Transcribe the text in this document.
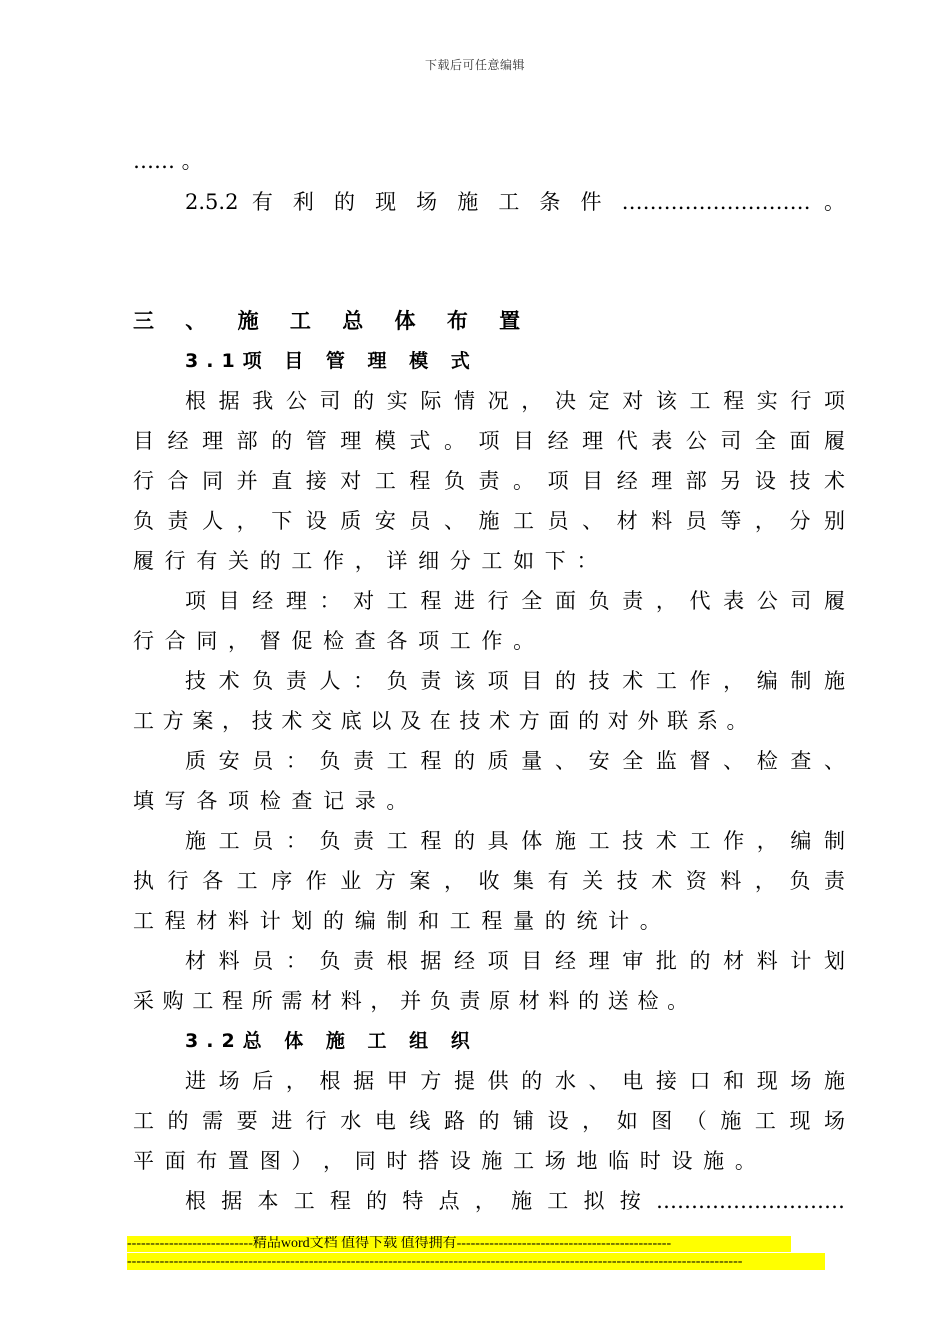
下载后可任意编辑
…… 。
2.5.2 有 利 的 现 场 施 工 条 件 ……………………… 。
三 、 施 工 总 体 布 置
3.1项 目 管 理 模 式
根 据 我 公 司 的 实 际 情 况 ， 决 定 对 该 工 程 实 行 项
目 经 理 部 的 管 理 模 式 。 项 目 经 理 代 表 公 司 全 面 履
行 合 同 并 直 接 对 工 程 负 责 。 项 目 经 理 部 另 设 技 术
负 责 人 ， 下 设 质 安 员 、 施 工 员 、 材 料 员 等 ， 分 别
履 行 有 关 的 工 作 ， 详 细 分 工 如 下 ：
项 目 经 理 ： 对 工 程 进 行 全 面 负 责 ， 代 表 公 司 履
行 合 同 ， 督 促 检 查 各 项 工 作 。
技 术 负 责 人 ： 负 责 该 项 目 的 技 术 工 作 ， 编 制 施
工 方 案 ， 技 术 交 底 以 及 在 技 术 方 面 的 对 外 联 系 。
质 安 员 ： 负 责 工 程 的 质 量 、 安 全 监 督 、 检 查 、
填 写 各 项 检 查 记 录 。
施 工 员 ： 负 责 工 程 的 具 体 施 工 技 术 工 作 ， 编 制
执 行 各 工 序 作 业 方 案 ， 收 集 有 关 技 术 资 料 ， 负 责
工 程 材 料 计 划 的 编 制 和 工 程 量 的 统 计 。
材 料 员 ： 负 责 根 据 经 项 目 经 理 审 批 的 材 料 计 划
采 购 工 程 所 需 材 料 ， 并 负 责 原 材 料 的 送 检 。
3.2总 体 施 工 组 织
进 场 后 ， 根 据 甲 方 提 供 的 水 、 电 接 口 和 现 场 施
工 的 需 要 进 行 水 电 线 路 的 铺 设 ， 如 图 （ 施 工 现 场
平 面 布 置 图 ） ， 同 时 搭 设 施 工 场 地 临 时 设 施 。
根 据 本 工 程 的 特 点 ， 施 工 拟 按 ………………………
---------------------------精品word文档 值得下载 值得拥有----------------------------------------------
------------------------------------------------------------------------------------------------------------------------------------
